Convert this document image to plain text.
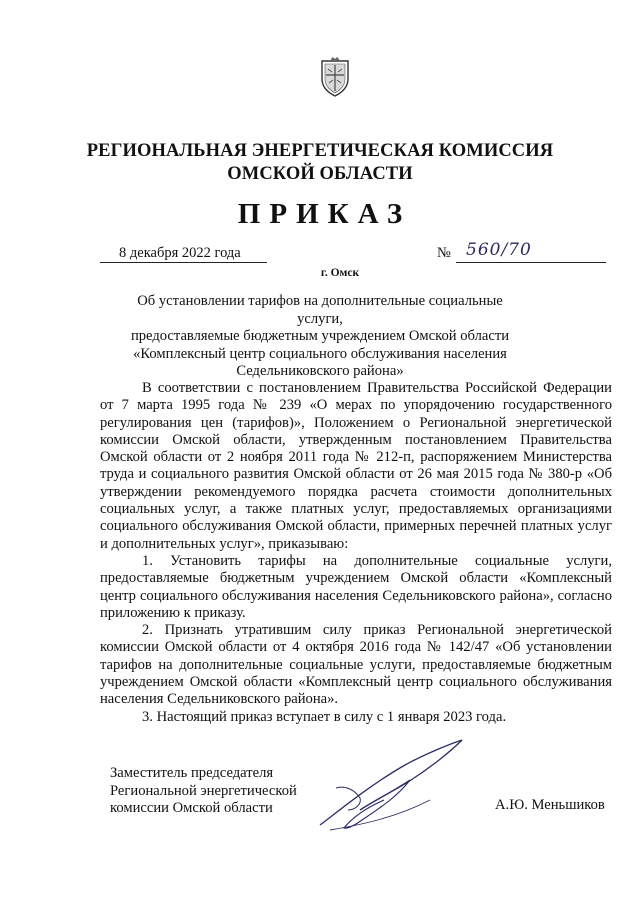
РЕГИОНАЛЬНАЯ ЭНЕРГЕТИЧЕСКАЯ КОМИССИЯ
ОМСКОЙ ОБЛАСТИ
ПРИКАЗ
8 декабря 2022 года	№ 560/70
г. Омск
Об установлении тарифов на дополнительные социальные услуги,
предоставляемые бюджетным учреждением Омской области
«Комплексный центр социального обслуживания населения
Седельниковского района»

В соответствии с постановлением Правительства Российской Федерации от 7 марта 1995 года № 239 «О мерах по упорядочению государственного регулирования цен (тарифов)», Положением о Региональной энергетической комиссии Омской области, утвержденным постановлением Правительства Омской области от 2 ноября 2011 года № 212-п, распоряжением Министерства труда и социального развития Омской области от 26 мая 2015 года № 380-р «Об утверждении рекомендуемого порядка расчета стоимости дополнительных социальных услуг, а также платных услуг, предоставляемых организациями социального обслуживания Омской области, примерных перечней платных услуг и дополнительных услуг», приказываю:

1. Установить тарифы на дополнительные социальные услуги, предоставляемые бюджетным учреждением Омской области «Комплексный центр социального обслуживания населения Седельниковского района», согласно приложению к приказу.

2. Признать утратившим силу приказ Региональной энергетической комиссии Омской области от 4 октября 2016 года № 142/47 «Об установлении тарифов на дополнительные социальные услуги, предоставляемые бюджетным учреждением Омской области «Комплексный центр социального обслуживания населения Седельниковского района».

3. Настоящий приказ вступает в силу с 1 января 2023 года.

Заместитель председателя
Региональной энергетической
комиссии Омской области	А.Ю. Меньшиков
